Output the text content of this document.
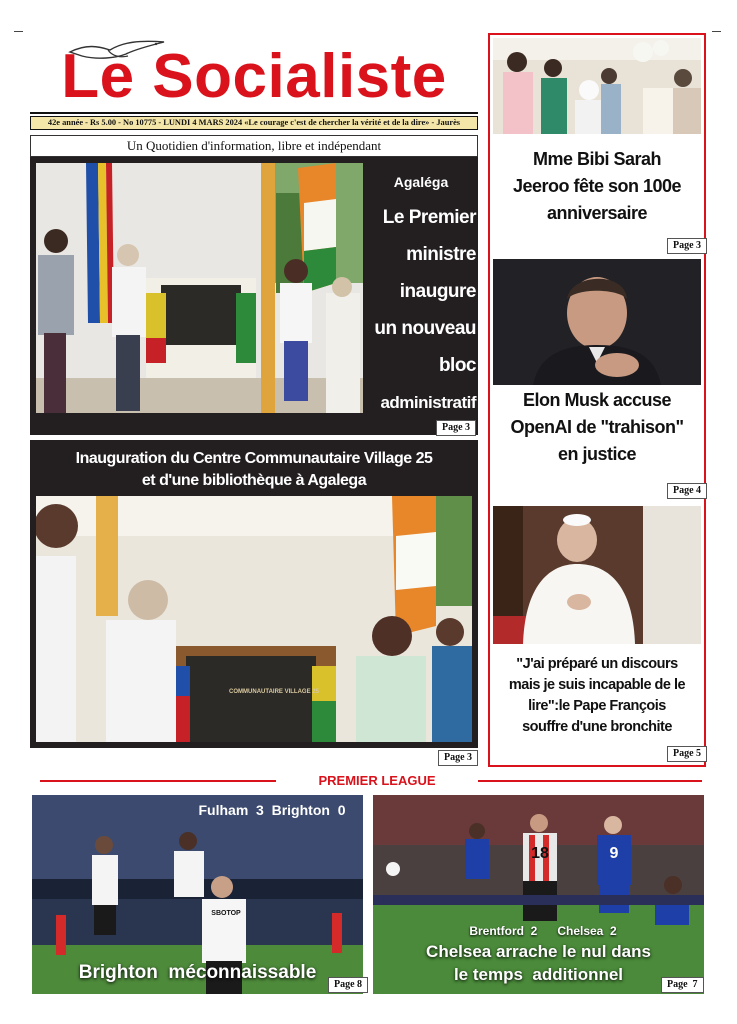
Le Socialiste
42e année - Rs 5.00 - No 10775 - LUNDI 4 MARS 2024 «Le courage c'est de chercher la vérité et de la dire» - Jaurès
Un Quotidien d'information, libre et indépendant
Agaléga
Le Premier
ministre
inaugure
un nouveau
bloc
administratif
Page 3
Inauguration du Centre Communautaire Village 25
et d'une bibliothèque à Agalega
COMMUNAUTAIRE VILLAGE 25
Page 3
Mme Bibi Sarah
Jeeroo fête son 100e
anniversaire
Page 3
Elon Musk accuse
OpenAI de "trahison"
en justice
Page 4
"J'ai préparé un discours
mais je suis incapable de le
lire":le Pape François
souffre d'une bronchite
Page 5
PREMIER LEAGUE
SBOTOP
Fulham  3  Brighton  0
Brighton  méconnaissable
Page 8
18	9
Brentford  2      Chelsea  2
Chelsea arrache le nul dans
le temps  additionnel
Page  7
